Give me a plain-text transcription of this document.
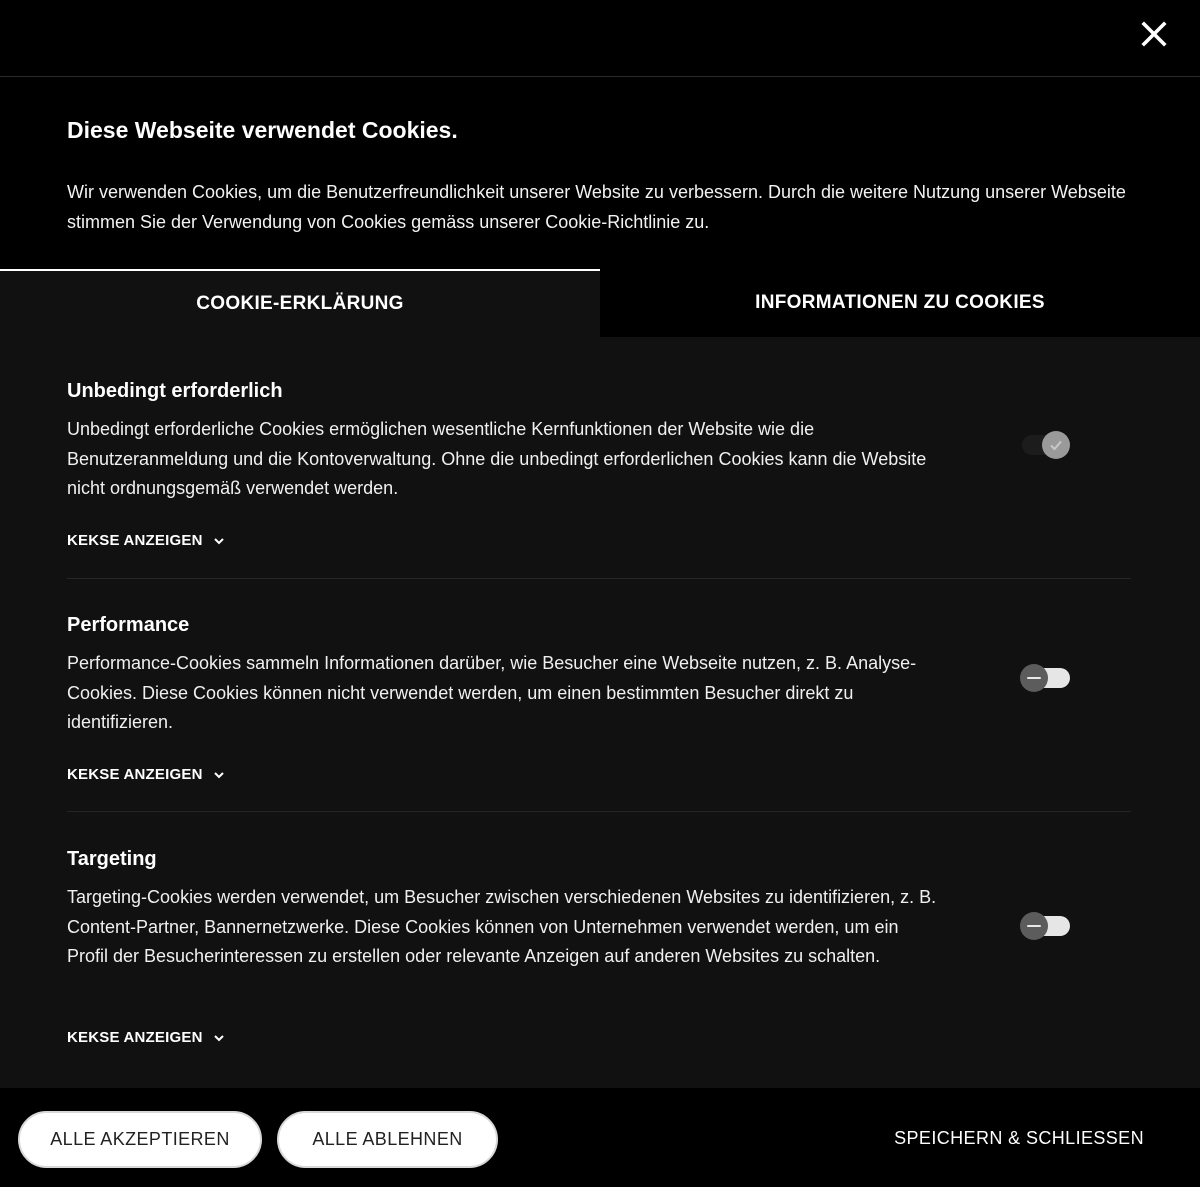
Diese Webseite verwendet Cookies.

Wir verwenden Cookies, um die Benutzerfreundlichkeit unserer Website zu verbessern. Durch die weitere Nutzung unserer Webseite stimmen Sie der Verwendung von Cookies gemäss unserer Cookie-Richtlinie zu.

COOKIE-ERKLÄRUNG	INFORMATIONEN ZU COOKIES
Unbedingt erforderlich

Unbedingt erforderliche Cookies ermöglichen wesentliche Kernfunktionen der Website wie die Benutzeranmeldung und die Kontoverwaltung. Ohne die unbedingt erforderlichen Cookies kann die Website nicht ordnungsgemäß verwendet werden.

KEKSE ANZEIGEN
Performance

Performance-Cookies sammeln Informationen darüber, wie Besucher eine Webseite nutzen, z. B. Analyse-Cookies. Diese Cookies können nicht verwendet werden, um einen bestimmten Besucher direkt zu identifizieren.

KEKSE ANZEIGEN
Targeting

Targeting-Cookies werden verwendet, um Besucher zwischen verschiedenen Websites zu identifizieren, z. B. Content-Partner, Bannernetzwerke. Diese Cookies können von Unternehmen verwendet werden, um ein Profil der Besucherinteressen zu erstellen oder relevante Anzeigen auf anderen Websites zu schalten.

KEKSE ANZEIGEN
ALLE AKZEPTIEREN	ALLE ABLEHNEN	SPEICHERN & SCHLIESSEN
